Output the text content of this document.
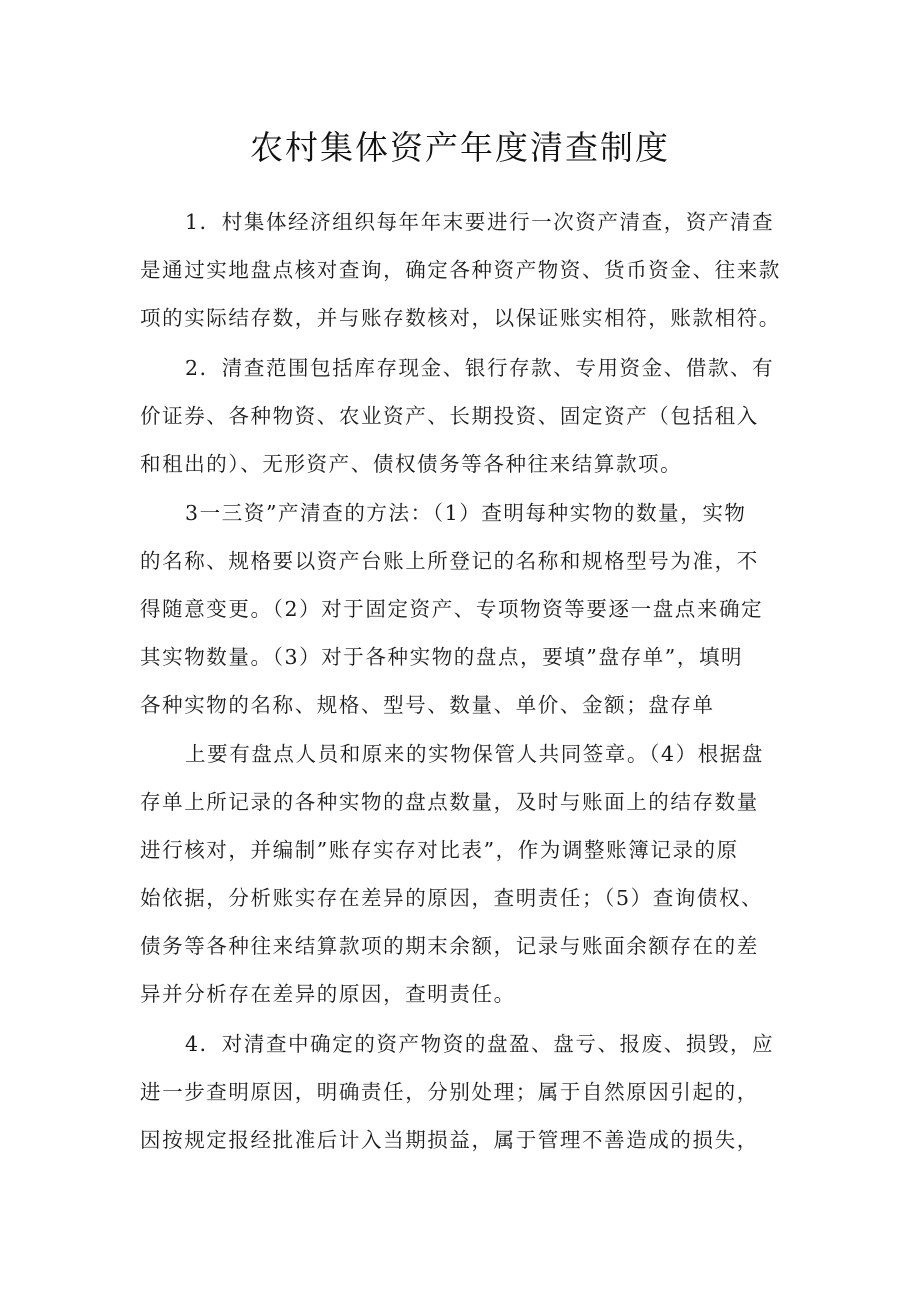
农村集体资产年度清查制度

1．村集体经济组织每年年末要进行一次资产清查，资产清查

是通过实地盘点核对查询，确定各种资产物资、货币资金、往来款

项的实际结存数，并与账存数核对，以保证账实相符，账款相符。

2．清查范围包括库存现金、银行存款、专用资金、借款、有

价证券、各种物资、农业资产、长期投资、固定资产（包括租入

和租出的）、无形资产、债权债务等各种往来结算款项。

3一三资”产清查的方法：（1）查明每种实物的数量，实物

的名称、规格要以资产台账上所登记的名称和规格型号为准，不

得随意变更。（2）对于固定资产、专项物资等要逐一盘点来确定

其实物数量。（3）对于各种实物的盘点，要填”盘存单”，填明

各种实物的名称、规格、型号、数量、单价、金额；盘存单

上要有盘点人员和原来的实物保管人共同签章。（4）根据盘

存单上所记录的各种实物的盘点数量，及时与账面上的结存数量

进行核对，并编制”账存实存对比表”，作为调整账簿记录的原

始依据，分析账实存在差异的原因，查明责任；（5）查询债权、

债务等各种往来结算款项的期末余额，记录与账面余额存在的差

异并分析存在差异的原因，查明责任。

4．对清查中确定的资产物资的盘盈、盘亏、报废、损毁，应

进一步查明原因，明确责任，分别处理；属于自然原因引起的，

因按规定报经批准后计入当期损益，属于管理不善造成的损失，
